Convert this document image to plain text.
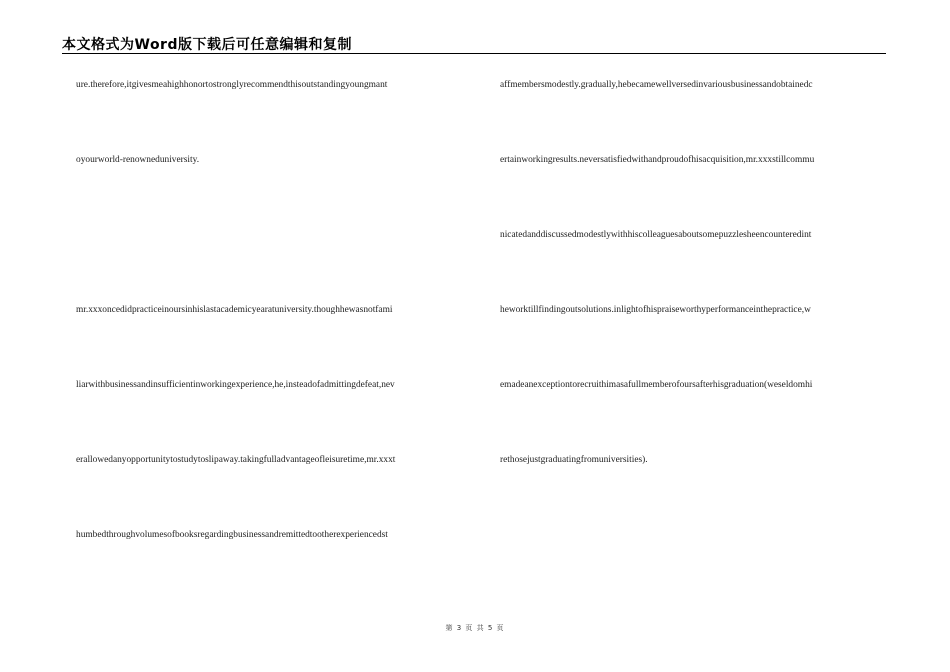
本文格式为Word版下载后可任意编辑和复制
ure.therefore,itgivesmeahighhonortostronglyrecommendthisoutstandingyoungmant
oyourworld-renowneduniversity.
mr.xxxoncedidpracticeinoursinhislastacademicyearatuniversity.thoughhewasnotfami
liarwithbusinessandinsufficientinworkingexperience,he,insteadofadmittingdefeat,nev
erallowedanyopportunitytostudytoslipaway.takingfulladvantageofleisuretime,mr.xxxt
humbedthroughvolumesofbooksregardingbusinessandremittedtootherexperiencedst
affmembersmodestly.gradually,hebecamewellversedinvariousbusinessandobtainedc
ertainworkingresults.neversatisfiedwithandproudofhisacquisition,mr.xxxstillcommu
nicatedanddiscussedmodestlywithhiscolleaguesaboutsomepuzzlesheencounteredint
heworktillfindingoutsolutions.inlightofhispraiseworthyperformanceinthepractice,w
emadeanexceptiontorecruithimasafullmemberofoursafterhisgraduation(weseldomhi
rethosejustgraduatingfromuniversities).
第 3 页 共 5 页
